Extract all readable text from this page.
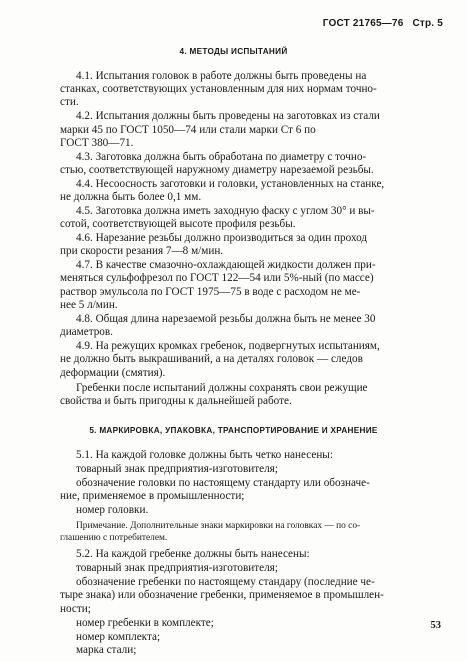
ГОСТ 21765—76 Стр. 5
4. МЕТОДЫ ИСПЫТАНИЙ
4.1. Испытания головок в работе должны быть проведены на
станках, соответствующих установленным для них нормам точно-
сти.
4.2. Испытания должны быть проведены на заготовках из стали
марки 45 по ГОСТ 1050—74 или стали марки Ст 6 по
ГОСТ 380—71.
4.3. Заготовка должна быть обработана по диаметру с точно-
стью, соответствующей наружному диаметру нарезаемой резьбы.
4.4. Несоосность заготовки и головки, установленных на станке,
не должна быть более 0,1 мм.
4.5. Заготовка должна иметь заходную фаску с углом 30° и вы-
сотой, соответствующей высоте профиля резьбы.
4.6. Нарезание резьбы должно производиться за один проход
при скорости резания 7—8 м/мин.
4.7. В качестве смазочно-охлаждающей жидкости должен при-
меняться сульфофрезол по ГОСТ 122—54 или 5%-ный (по массе)
раствор эмульсола по ГОСТ 1975—75 в воде с расходом не ме-
нее 5 л/мин.
4.8. Общая длина нарезаемой резьбы должна быть не менее 30
диаметров.
4.9. На режущих кромках гребенок, подвергнутых испытаниям,
не должно быть выкрашиваний, а на деталях головок — следов
деформации (смятия).
Гребенки после испытаний должны сохранять свои режущие
свойства и быть пригодны к дальнейшей работе.
5. МАРКИРОВКА, УПАКОВКА, ТРАНСПОРТИРОВАНИЕ И ХРАНЕНИЕ
5.1. На каждой головке должны быть четко нанесены:
товарный знак предприятия-изготовителя;
обозначение головки по настоящему стандарту или обозначе-
ние, применяемое в промышленности;
номер головки.
Примечание. Дополнительные знаки маркировки на головках — по со-
глашению с потребителем.
5.2. На каждой гребенке должны быть нанесены:
товарный знак предприятия-изготовителя;
обозначение гребенки по настоящему стандару (последние че-
тыре знака) или обозначение гребенки, применяемое в промышлен-
ности;
номер гребенки в комплекте;
номер комплекта;
марка стали;
53
